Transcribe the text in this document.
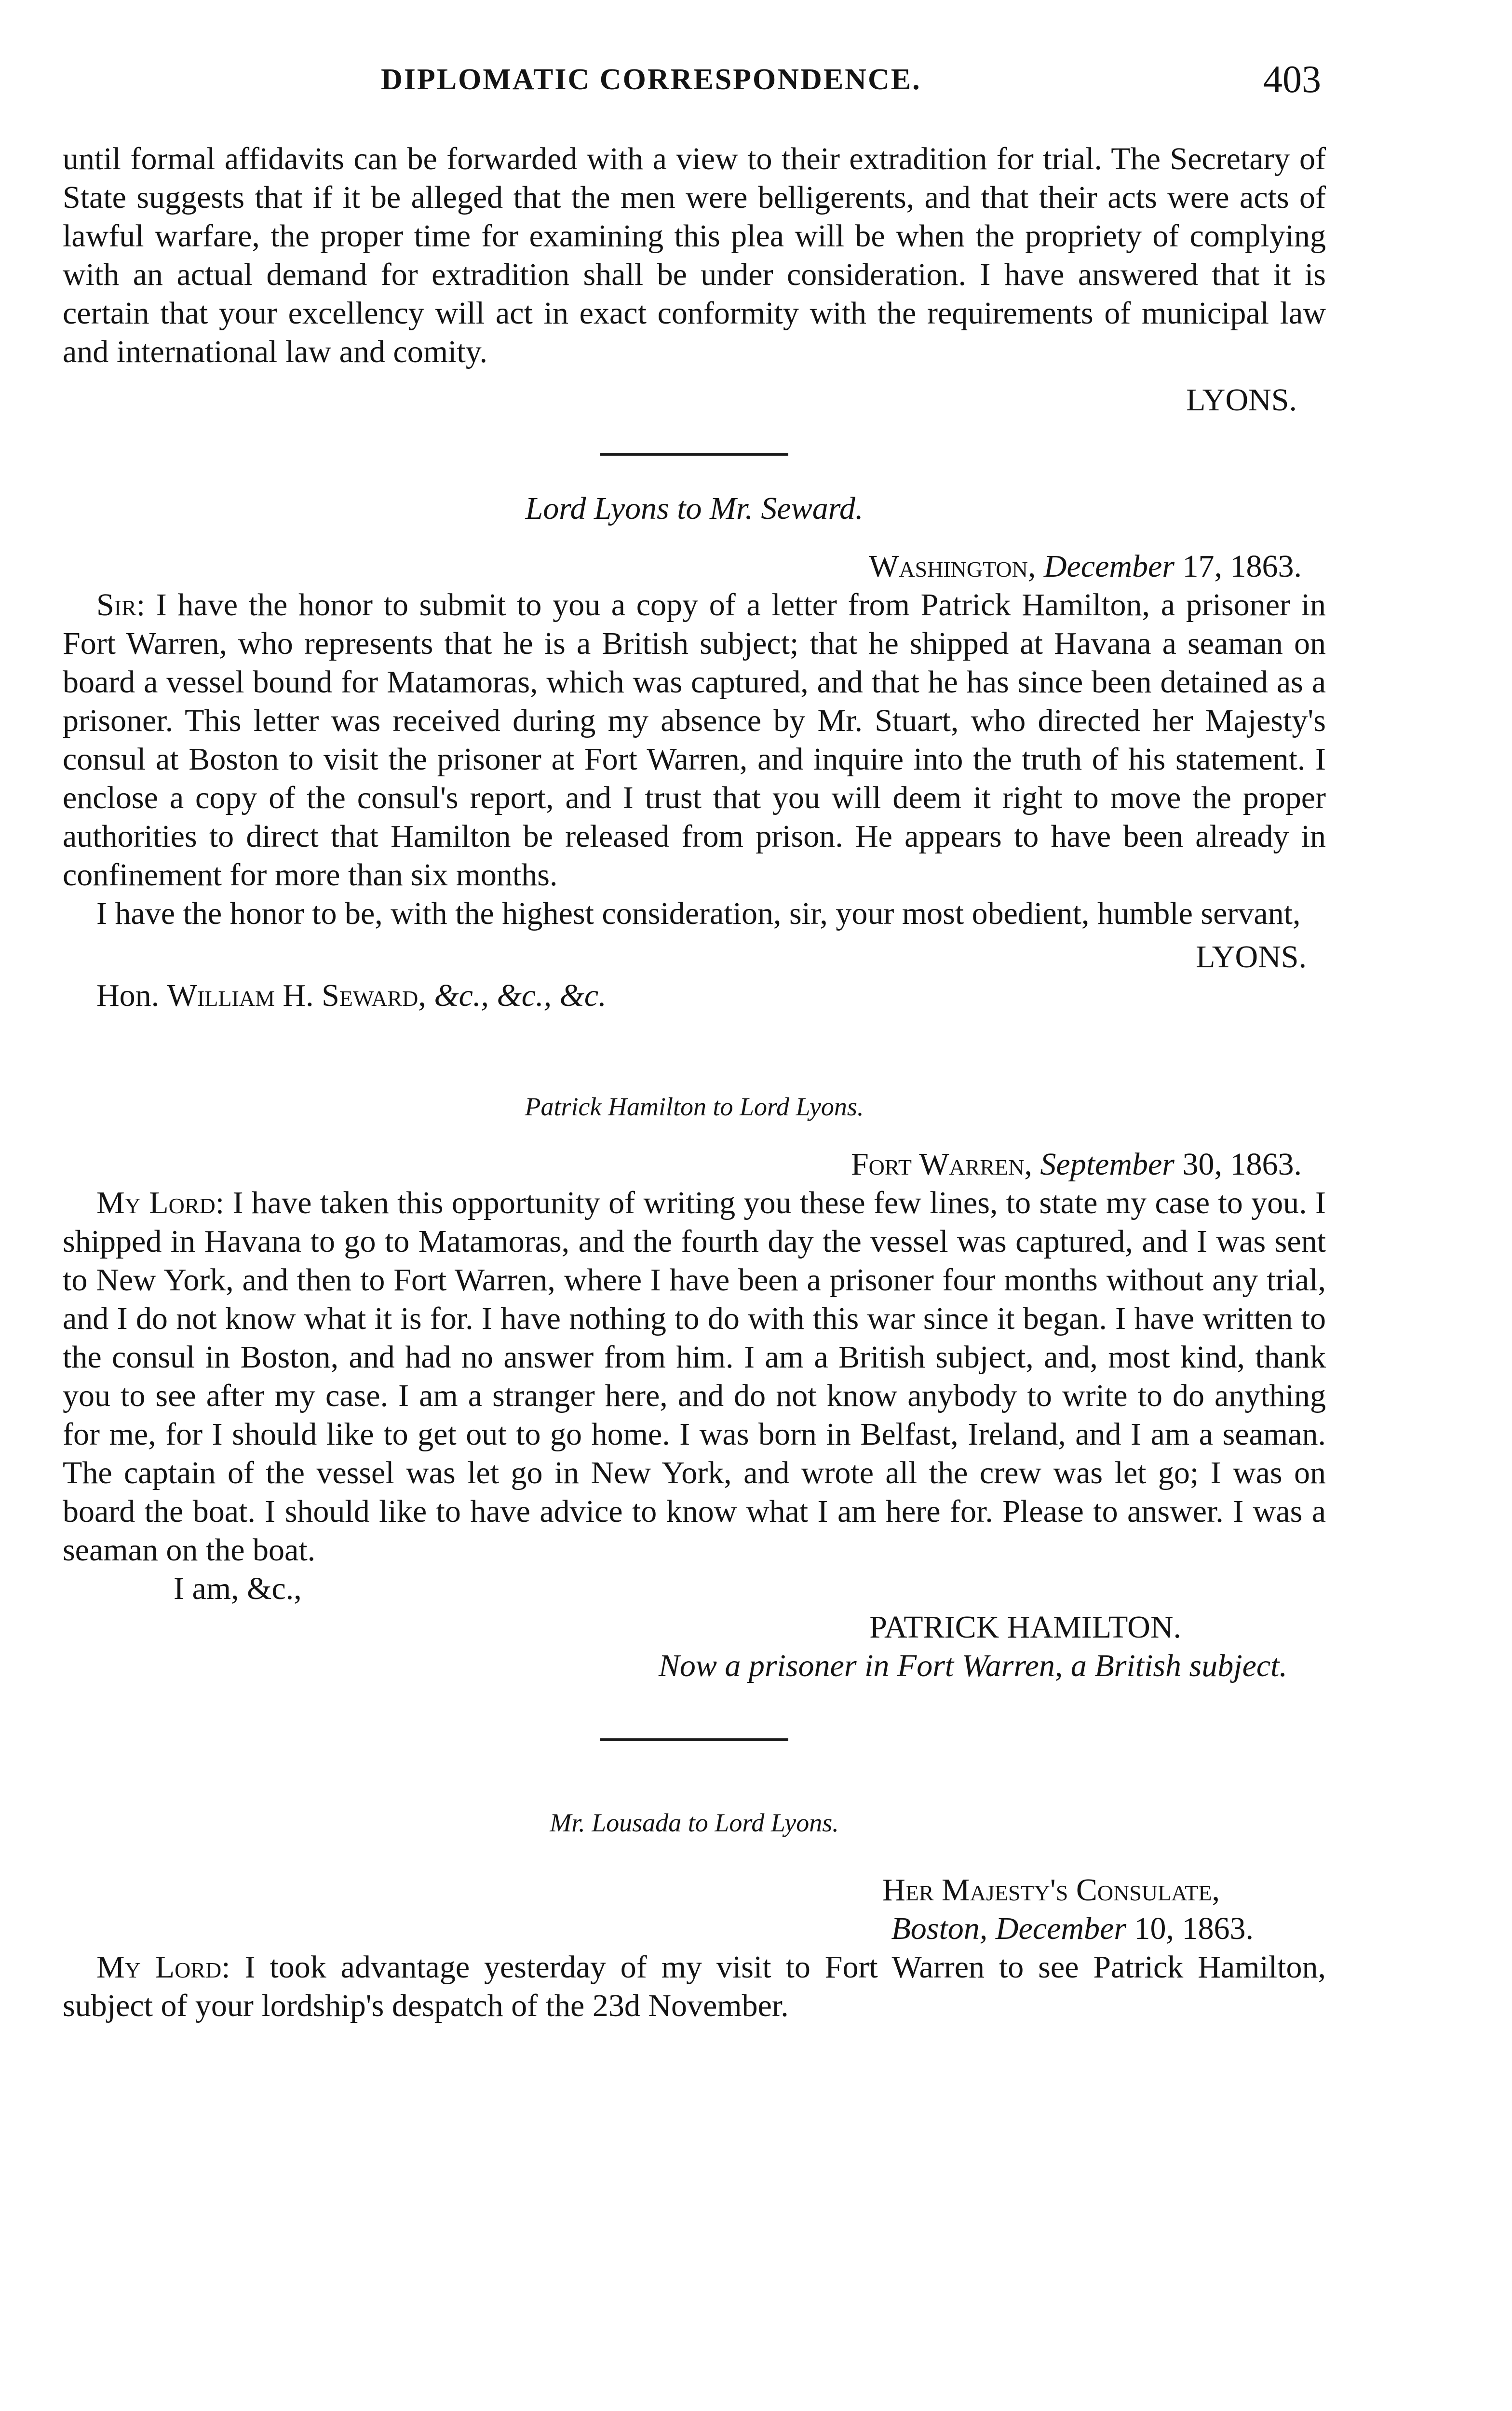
DIPLOMATIC CORRESPONDENCE.	403

until formal affidavits can be forwarded with a view to their extradition for trial. The Secretary of State suggests that if it be alleged that the men were belligerents, and that their acts were acts of lawful warfare, the proper time for examining this plea will be when the propriety of complying with an actual demand for extradition shall be under consideration. I have answered that it is certain that your excellency will act in exact conformity with the requirements of municipal law and international law and comity.

LYONS.
Lord Lyons to Mr. Seward.
Washington, December 17, 1863.

Sir: I have the honor to submit to you a copy of a letter from Patrick Hamilton, a prisoner in Fort Warren, who represents that he is a British subject; that he shipped at Havana a seaman on board a vessel bound for Matamoras, which was captured, and that he has since been detained as a prisoner. This letter was received during my absence by Mr. Stuart, who directed her Majesty's consul at Boston to visit the prisoner at Fort Warren, and inquire into the truth of his statement. I enclose a copy of the consul's report, and I trust that you will deem it right to move the proper authorities to direct that Hamilton be released from prison. He appears to have been already in confinement for more than six months.

I have the honor to be, with the highest consideration, sir, your most obedient, humble servant,

LYONS.

Hon. William H. Seward, &c., &c., &c.

Patrick Hamilton to Lord Lyons.
Fort Warren, September 30, 1863.

My Lord: I have taken this opportunity of writing you these few lines, to state my case to you. I shipped in Havana to go to Matamoras, and the fourth day the vessel was captured, and I was sent to New York, and then to Fort Warren, where I have been a prisoner four months without any trial, and I do not know what it is for. I have nothing to do with this war since it began. I have written to the consul in Boston, and had no answer from him. I am a British subject, and, most kind, thank you to see after my case. I am a stranger here, and do not know anybody to write to do anything for me, for I should like to get out to go home. I was born in Belfast, Ireland, and I am a seaman. The captain of the vessel was let go in New York, and wrote all the crew was let go; I was on board the boat. I should like to have advice to know what I am here for. Please to answer. I was a seaman on the boat.

I am, &c.,

PATRICK HAMILTON.
Now a prisoner in Fort Warren, a British subject.
Mr. Lousada to Lord Lyons.
Her Majesty's Consulate,
Boston, December 10, 1863.

My Lord: I took advantage yesterday of my visit to Fort Warren to see Patrick Hamilton, subject of your lordship's despatch of the 23d November.
